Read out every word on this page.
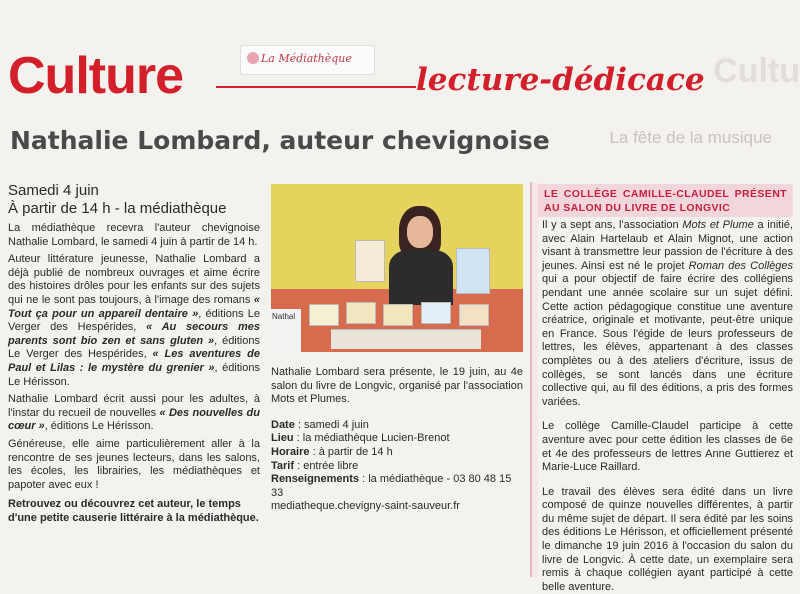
Cultu
La fête de la musique
Culture	La Médiathèque
lecture-dédicace
Nathalie Lombard, auteur chevignoise
Samedi 4 juin
À partir de 14 h - la médiathèque
La médiathèque recevra l'auteur chevignoise Nathalie Lombard, le samedi 4 juin à partir de 14 h.
Auteur littérature jeunesse, Nathalie Lombard a déjà publié de nombreux ouvrages et aime écrire des histoires drôles pour les enfants sur des sujets qui ne le sont pas toujours, à l'image des romans « Tout ça pour un appareil dentaire », éditions Le Verger des Hespérides, « Au secours mes parents sont bio zen et sans gluten », éditions Le Verger des Hespérides, « Les aventures de Paul et Lilas : le mystère du grenier », éditions Le Hérisson.
Nathalie Lombard écrit aussi pour les adultes, à l'instar du recueil de nouvelles « Des nouvelles du cœur », éditions Le Hérisson.
Généreuse, elle aime particulièrement aller à la rencontre de ses jeunes lecteurs, dans les salons, les écoles, les librairies, les médiathèques et papoter avec eux !
Retrouvez ou découvrez cet auteur, le temps d'une petite causerie littéraire à la médiathèque.
Nathal
Nathalie Lombard sera présente, le 19 juin, au 4e salon du livre de Longvic, organisé par l'association Mots et Plumes.
Date : samedi 4 juin
Lieu : la médiathèque Lucien-Brenot
Horaire : à partir de 14 h
Tarif : entrée libre
Renseignements : la médiathèque - 03 80 48 15 33
mediatheque.chevigny-saint-sauveur.fr
LE COLLÈGE CAMILLE-CLAUDEL PRÉSENT AU SALON DU LIVRE DE LONGVIC
Il y a sept ans, l'association Mots et Plume a initié, avec Alain Hartelaub et Alain Mignot, une action visant à transmettre leur passion de l'écriture à des jeunes. Ainsi est né le projet Roman des Collèges qui a pour objectif de faire écrire des collégiens pendant une année scolaire sur un sujet défini. Cette action pédagogique constitue une aventure créatrice, originale et motivante, peut-être unique en France. Sous l'égide de leurs professeurs de lettres, les élèves, appartenant à des classes complètes ou à des ateliers d'écriture, issus de collèges, se sont lancés dans une écriture collective qui, au fil des éditions, a pris des formes variées.
Le collège Camille-Claudel participe à cette aventure avec pour cette édition les classes de 6e et 4e des professeurs de lettres Anne Guttierez et Marie-Luce Raillard.
Le travail des élèves sera édité dans un livre composé de quinze nouvelles différentes, à partir du même sujet de départ. Il sera édité par les soins des éditions Le Hérisson, et officiellement présenté le dimanche 19 juin 2016 à l'occasion du salon du livre de Longvic. À cette date, un exemplaire sera remis à chaque collégien ayant participé à cette belle aventure.
